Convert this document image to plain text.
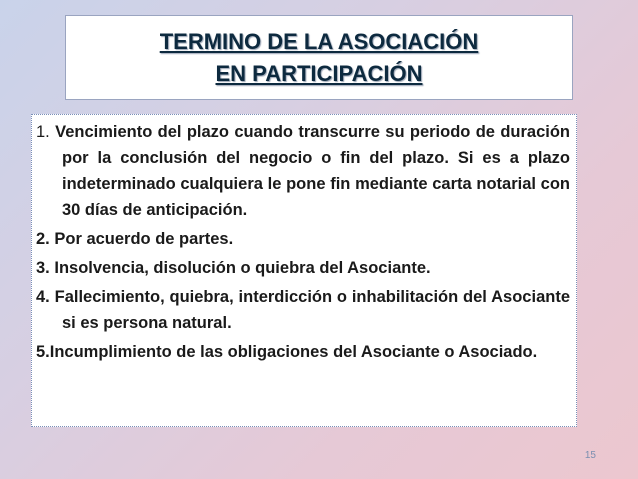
TERMINO DE LA ASOCIACIÓN
EN PARTICIPACIÓN

1. Vencimiento del plazo cuando transcurre su periodo de duración por la conclusión del negocio o fin del plazo. Si es a plazo indeterminado cualquiera le pone fin mediante carta notarial con 30 días de anticipación.

2. Por acuerdo de partes.

3. Insolvencia, disolución o quiebra del Asociante.

4. Fallecimiento, quiebra, interdicción o inhabilitación del Asociante si es persona natural.

5.Incumplimiento de las obligaciones del Asociante o Asociado.

15
